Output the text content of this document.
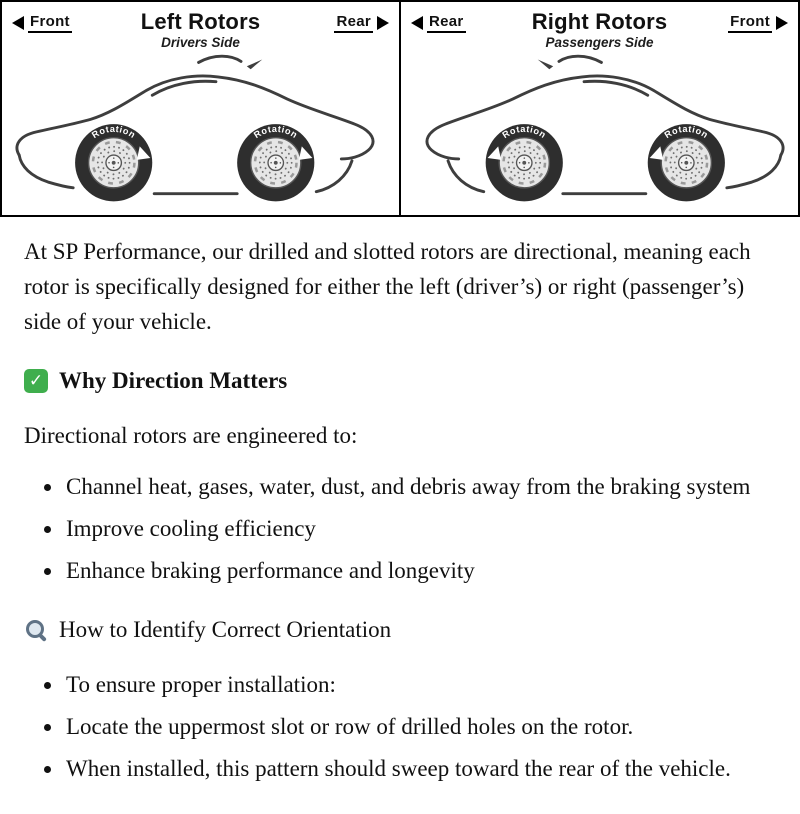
Front	Left Rotors
Drivers Side
Rear
Rotation	Rotation
Rear	Right Rotors
Passengers Side
Front
Rotation	Rotation

At SP Performance, our drilled and slotted rotors are directional, meaning each rotor is specifically designed for either the left (driver’s) or right (passenger’s) side of your vehicle.

✓
Why Direction Matters

Directional rotors are engineered to:

• Channel heat, gases, water, dust, and debris away from the braking system
• Improve cooling efficiency
• Enhance braking performance and longevity
How to Identify Correct Orientation
• To ensure proper installation:
• Locate the uppermost slot or row of drilled holes on the rotor.
• When installed, this pattern should sweep toward the rear of the vehicle.
